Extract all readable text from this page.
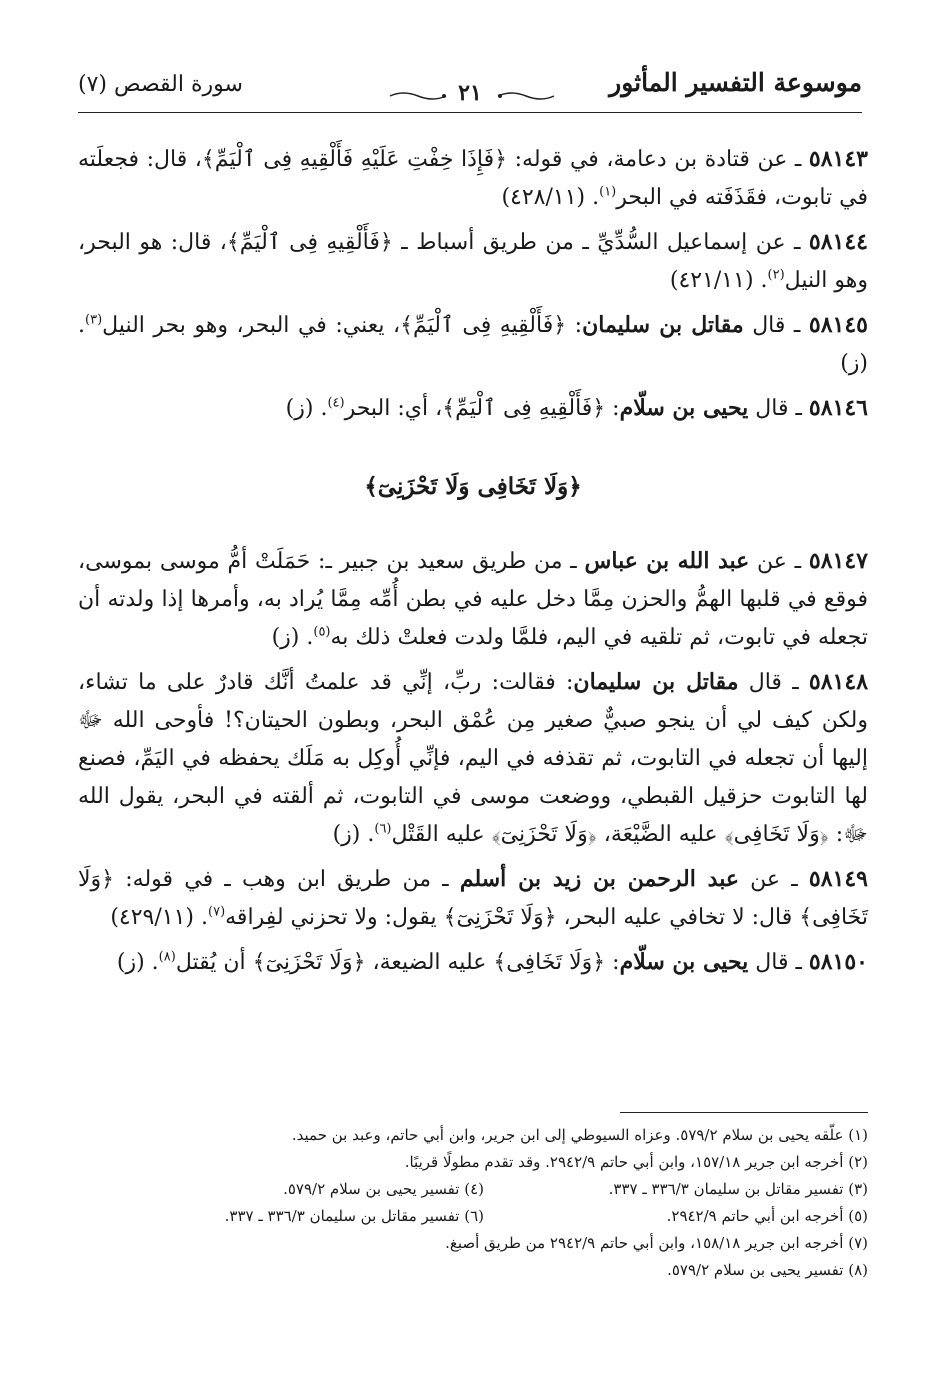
موسوعة التفسير المأثور
٢١
سورة القصص (٧)

٥٨١٤٣ ـ عن قتادة بن دعامة، في قوله: ﴿فَإِذَا خِفْتِ عَلَيْهِ فَأَلْقِيهِ فِى ٱلْيَمِّ﴾، قال: فجعلَته في تابوت، فقَذَفَته في البحر$^{(١)}$. (٤٢٨/١١)

٥٨١٤٤ ـ عن إسماعيل السُّدِّيِّ ـ من طريق أسباط ـ ﴿فَأَلْقِيهِ فِى ٱلْيَمِّ﴾، قال: هو البحر، وهو النيل$^{(٢)}$. (٤٢١/١١)

٥٨١٤٥ ـ قال مقاتل بن سليمان: ﴿فَأَلْقِيهِ فِى ٱلْيَمِّ﴾، يعني: في البحر، وهو بحر النيل$^{(٣)}$. (ز)

٥٨١٤٦ ـ قال يحيى بن سلّام: ﴿فَأَلْقِيهِ فِى ٱلْيَمِّ﴾، أي: البحر$^{(٤)}$. (ز)

﴿وَلَا تَخَافِى وَلَا تَحْزَنِىٓ﴾

٥٨١٤٧ ـ عن عبد الله بن عباس ـ من طريق سعيد بن جبير ـ: حَمَلَتْ أمُّ موسى بموسى، فوقع في قلبها الهمُّ والحزن مِمَّا دخل عليه في بطن أُمِّه مِمَّا يُراد به، وأمرها إذا ولدته أن تجعله في تابوت، ثم تلقيه في اليم، فلمَّا ولدت فعلتْ ذلك به$^{(٥)}$. (ز)

٥٨١٤٨ ـ قال مقاتل بن سليمان: فقالت: ربِّ، إنِّي قد علمتُ أنَّك قادرٌ على ما تشاء، ولكن كيف لي أن ينجو صبيٌّ صغير مِن عُمْق البحر، وبطون الحيتان؟! فأوحى الله ﷻ إليها أن تجعله في التابوت، ثم تقذفه في اليم، فإنِّي أُوكِل به مَلَك يحفظه في اليَمِّ، فصنع لها التابوت حزقيل القبطي، ووضعت موسى في التابوت، ثم ألقته في البحر، يقول الله ﷻ: ﴿وَلَا تَخَافِى﴾ عليه الضَّيْعَة، ﴿وَلَا تَحْزَنِىٓ﴾ عليه القَتْل$^{(٦)}$. (ز)

٥٨١٤٩ ـ عن عبد الرحمن بن زيد بن أسلم ـ من طريق ابن وهب ـ في قوله: ﴿وَلَا تَخَافِى﴾ قال: لا تخافي عليه البحر، ﴿وَلَا تَحْزَنِىٓ﴾ يقول: ولا تحزني لفِراقه$^{(٧)}$. (٤٢٩/١١)

٥٨١٥٠ ـ قال يحيى بن سلّام: ﴿وَلَا تَخَافِى﴾ عليه الضيعة، ﴿وَلَا تَحْزَنِىٓ﴾ أن يُقتل$^{(٨)}$. (ز)

(١) علّقه يحيى بن سلام ٥٧٩/٢. وعزاه السيوطي إلى ابن جرير، وابن أبي حاتم، وعبد بن حميد.
(٢) أخرجه ابن جرير ١٥٧/١٨، وابن أبي حاتم ٢٩٤٢/٩. وقد تقدم مطولًا قريبًا.
(٣) تفسير مقاتل بن سليمان ٣٣٦/٣ ـ ٣٣٧.
(٤) تفسير يحيى بن سلام ٥٧٩/٢.
(٥) أخرجه ابن أبي حاتم ٢٩٤٢/٩.
(٦) تفسير مقاتل بن سليمان ٣٣٦/٣ ـ ٣٣٧.
(٧) أخرجه ابن جرير ١٥٨/١٨، وابن أبي حاتم ٢٩٤٢/٩ من طريق أصبغ.
(٨) تفسير يحيى بن سلام ٥٧٩/٢.
